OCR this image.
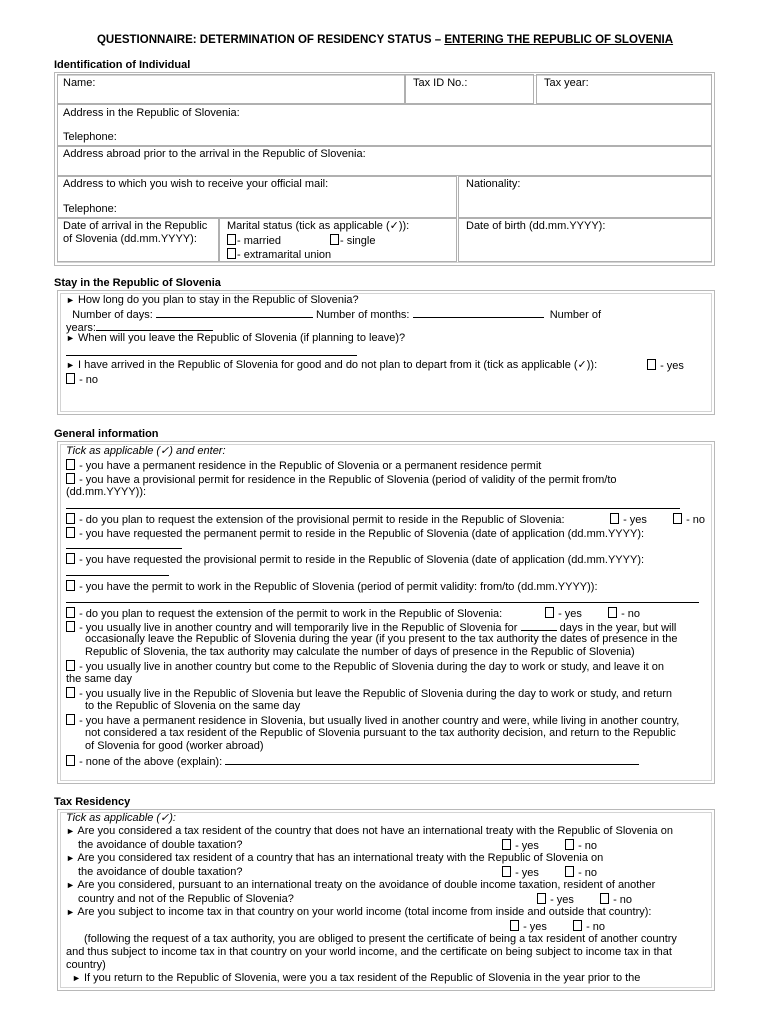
QUESTIONNAIRE: DETERMINATION OF RESIDENCY STATUS – ENTERING THE REPUBLIC OF SLOVENIA
Identification of Individual
Name:	Tax ID No.:	Tax year:
Address in the Republic of Slovenia:
Telephone:
Address abroad prior to the arrival in the Republic of Slovenia:
Address to which you wish to receive your official mail:	Nationality:
Telephone:
Date of arrival in the Republic
of Slovenia (dd.mm.YYYY):
Marital status (tick as applicable (✓)):
- married	- single
- extramarital union
Date of birth (dd.mm.YYYY):
Stay in the Republic of Slovenia
► How long do you plan to stay in the Republic of Slovenia?
Number of days:	Number of months:	Number of
years:
► When will you leave the Republic of Slovenia (if planning to leave)?
► I have arrived in the Republic of Slovenia for good and do not plan to depart from it (tick as applicable (✓)):	- yes
- no
General information
Tick as applicable (✓) and enter:
- you have a permanent residence in the Republic of Slovenia or a permanent residence permit
- you have a provisional permit for residence in the Republic of Slovenia (period of validity of the permit from/to
(dd.mm.YYYY)):
- do you plan to request the extension of the provisional permit to reside in the Republic of Slovenia:	- yes	- no
- you have requested the permanent permit to reside in the Republic of Slovenia (date of application (dd.mm.YYYY):
- you have requested the provisional permit to reside in the Republic of Slovenia (date of application (dd.mm.YYYY):
- you have the permit to work in the Republic of Slovenia (period of permit validity: from/to (dd.mm.YYYY)):
- do you plan to request the extension of the permit to work in the Republic of Slovenia:	- yes	- no
- you usually live in another country and will temporarily live in the Republic of Slovenia for	days in the year, but will
occasionally leave the Republic of Slovenia during the year (if you present to the tax authority the dates of presence in the
Republic of Slovenia, the tax authority may calculate the number of days of presence in the Republic of Slovenia)
- you usually live in another country but come to the Republic of Slovenia during the day to work or study, and leave it on
the same day
- you usually live in the Republic of Slovenia but leave the Republic of Slovenia during the day to work or study, and return
to the Republic of Slovenia on the same day
- you have a permanent residence in Slovenia, but usually lived in another country and were, while living in another country,
not considered a tax resident of the Republic of Slovenia pursuant to the tax authority decision, and return to the Republic
of Slovenia for good (worker abroad)
- none of the above (explain):
Tax Residency
Tick as applicable (✓):
► Are you considered a tax resident of the country that does not have an international treaty with the Republic of Slovenia on
the avoidance of double taxation?	- yes	- no
► Are you considered tax resident of a country that has an international treaty with the Republic of Slovenia on
the avoidance of double taxation?	- yes	- no
► Are you considered, pursuant to an international treaty on the avoidance of double income taxation, resident of another
country and not of the Republic of Slovenia?	- yes	- no
► Are you subject to income tax in that country on your world income (total income from inside and outside that country):
- yes	- no
(following the request of a tax authority, you are obliged to present the certificate of being a tax resident of another country
and thus subject to income tax in that country on your world income, and the certificate on being subject to income tax in that
country)
► If you return to the Republic of Slovenia, were you a tax resident of the Republic of Slovenia in the year prior to the
